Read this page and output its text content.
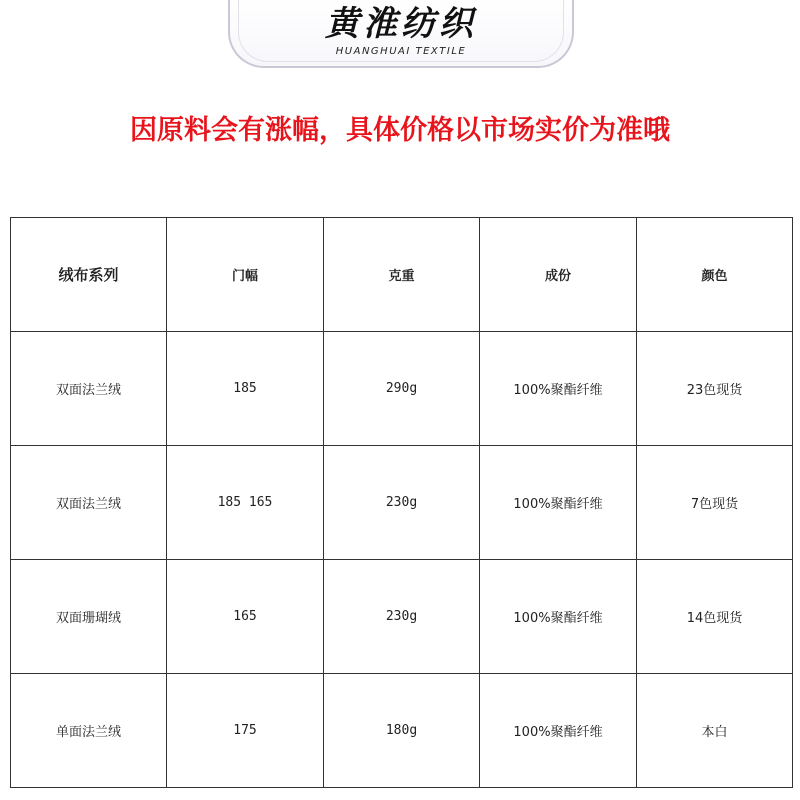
黄淮纺织
HUANGHUAI TEXTILE
因原料会有涨幅，具体价格以市场实价为准哦
绒布系列	门幅	克重	成份	颜色
双面法兰绒	185	290g	100%聚酯纤维	23色现货
双面法兰绒	185 165	230g	100%聚酯纤维	7色现货
双面珊瑚绒	165	230g	100%聚酯纤维	14色现货
单面法兰绒	175	180g	100%聚酯纤维	本白
